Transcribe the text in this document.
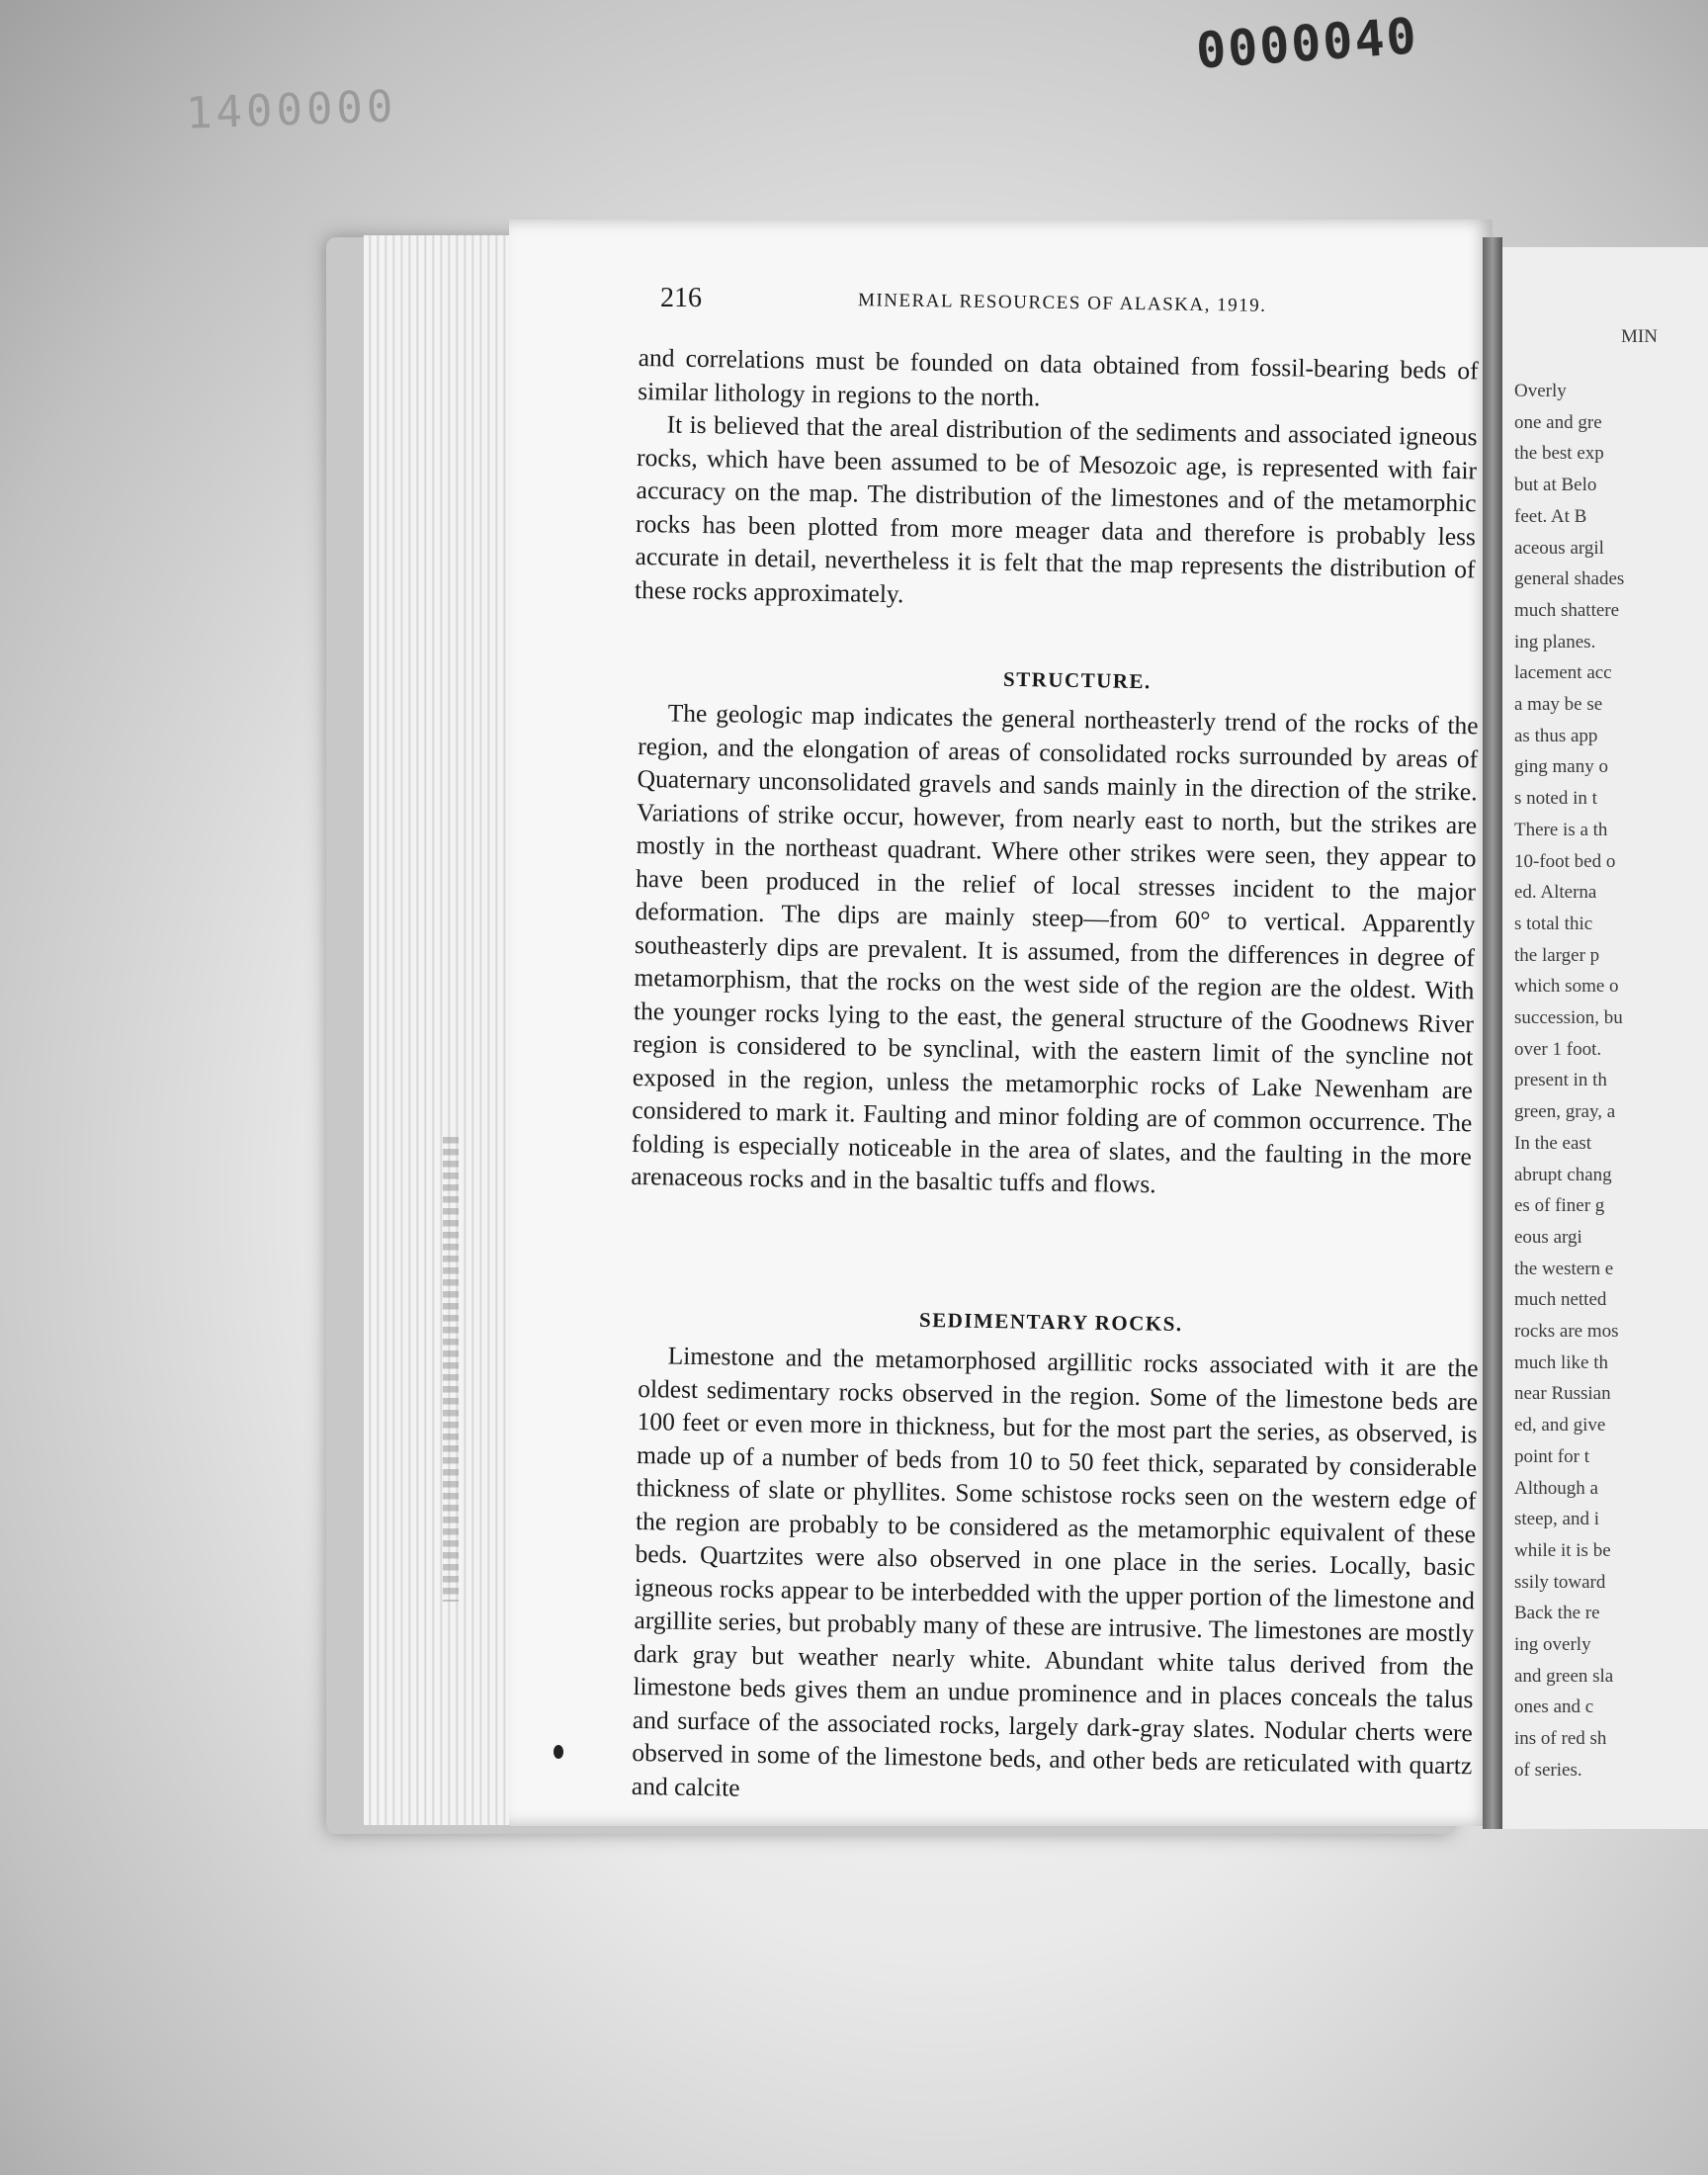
0000040
1400000
216	MINERAL RESOURCES OF ALASKA, 1919.

and correlations must be founded on data obtained from fossil-bearing beds of similar lithology in regions to the north.

It is believed that the areal distribution of the sediments and associated igneous rocks, which have been assumed to be of Mesozoic age, is represented with fair accuracy on the map. The distribution of the limestones and of the metamorphic rocks has been plotted from more meager data and therefore is probably less accurate in detail, nevertheless it is felt that the map represents the distribution of these rocks approximately.

STRUCTURE.

The geologic map indicates the general northeasterly trend of the rocks of the region, and the elongation of areas of consolidated rocks surrounded by areas of Quaternary unconsolidated gravels and sands mainly in the direction of the strike. Variations of strike occur, however, from nearly east to north, but the strikes are mostly in the northeast quadrant. Where other strikes were seen, they appear to have been produced in the relief of local stresses incident to the major deformation. The dips are mainly steep—from 60° to vertical. Apparently southeasterly dips are prevalent. It is assumed, from the differences in degree of metamorphism, that the rocks on the west side of the region are the oldest. With the younger rocks lying to the east, the general structure of the Goodnews River region is considered to be synclinal, with the eastern limit of the syncline not exposed in the region, unless the metamorphic rocks of Lake Newenham are considered to mark it. Faulting and minor folding are of common occurrence. The folding is especially noticeable in the area of slates, and the faulting in the more arenaceous rocks and in the basaltic tuffs and flows.

SEDIMENTARY ROCKS.

Limestone and the metamorphosed argillitic rocks associated with it are the oldest sedimentary rocks observed in the region. Some of the limestone beds are 100 feet or even more in thickness, but for the most part the series, as observed, is made up of a number of beds from 10 to 50 feet thick, separated by considerable thickness of slate or phyllites. Some schistose rocks seen on the western edge of the region are probably to be considered as the metamorphic equivalent of these beds. Quartzites were also observed in one place in the series. Locally, basic igneous rocks appear to be interbedded with the upper portion of the limestone and argillite series, but probably many of these are intrusive. The limestones are mostly dark gray but weather nearly white. Abundant white talus derived from the limestone beds gives them an undue prominence and in places conceals the talus and surface of the associated rocks, largely dark-gray slates. Nodular cherts were observed in some of the limestone beds, and other beds are reticulated with quartz and calcite

MIN
Overly
one and gre
the best exp
but at Belo
feet. At B
aceous argil
general shades
much shattere
ing planes.
lacement acc
a may be se
as thus app
ging many o
s noted in t
There is a th
10-foot bed o
ed. Alterna
s total thic
the larger p
which some o
succession, bu
over 1 foot.
present in th
green, gray, a
In the east
abrupt chang
es of finer g
eous argi
the western e
much netted
rocks are mos
much like th
near Russian
ed, and give
point for t
Although a
steep, and i
while it is be
ssily toward
Back the re
ing overly
and green sla
ones and c
ins of red sh
of series.
